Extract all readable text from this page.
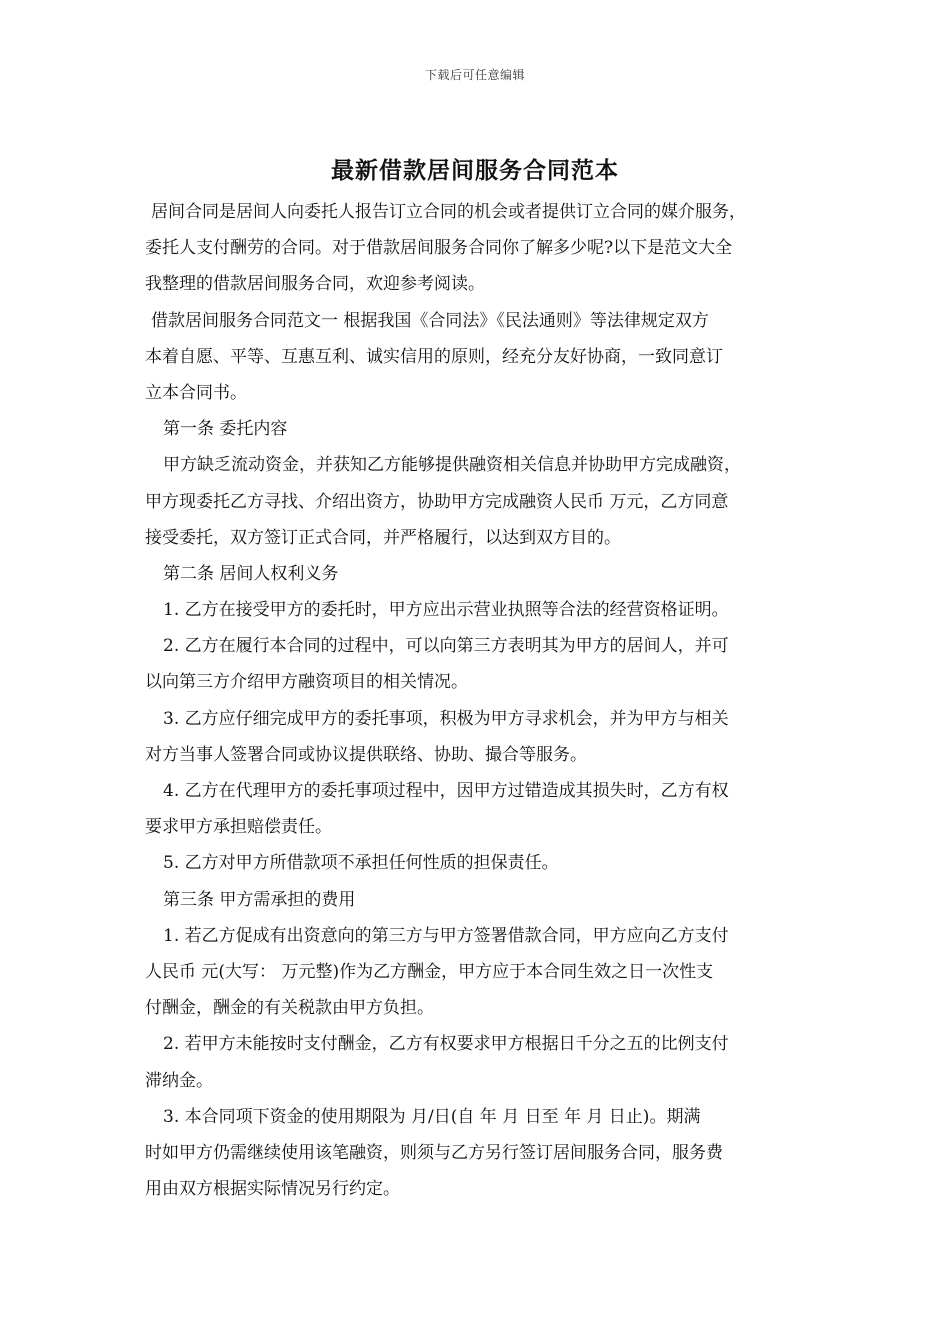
下载后可任意编辑
最新借款居间服务合同范本
居间合同是居间人向委托人报告订立合同的机会或者提供订立合同的媒介服务，
委托人支付酬劳的合同。对于借款居间服务合同你了解多少呢?以下是范文大全
我整理的借款居间服务合同，欢迎参考阅读。
借款居间服务合同范文一 根据我国《合同法》《民法通则》等法律规定双方
本着自愿、平等、互惠互利、诚实信用的原则，经充分友好协商，一致同意订
立本合同书。
第一条 委托内容
甲方缺乏流动资金，并获知乙方能够提供融资相关信息并协助甲方完成融资，
甲方现委托乙方寻找、介绍出资方，协助甲方完成融资人民币 万元，乙方同意
接受委托，双方签订正式合同，并严格履行，以达到双方目的。
第二条 居间人权利义务
1. 乙方在接受甲方的委托时，甲方应出示营业执照等合法的经营资格证明。
2. 乙方在履行本合同的过程中，可以向第三方表明其为甲方的居间人，并可
以向第三方介绍甲方融资项目的相关情况。
3. 乙方应仔细完成甲方的委托事项，积极为甲方寻求机会，并为甲方与相关
对方当事人签署合同或协议提供联络、协助、撮合等服务。
4. 乙方在代理甲方的委托事项过程中，因甲方过错造成其损失时，乙方有权
要求甲方承担赔偿责任。
5. 乙方对甲方所借款项不承担任何性质的担保责任。
第三条 甲方需承担的费用
1. 若乙方促成有出资意向的第三方与甲方签署借款合同，甲方应向乙方支付
人民币 元(大写： 万元整)作为乙方酬金，甲方应于本合同生效之日一次性支
付酬金，酬金的有关税款由甲方负担。
2. 若甲方未能按时支付酬金，乙方有权要求甲方根据日千分之五的比例支付
滞纳金。
3. 本合同项下资金的使用期限为 月/日(自 年 月 日至 年 月 日止)。期满
时如甲方仍需继续使用该笔融资，则须与乙方另行签订居间服务合同，服务费
用由双方根据实际情况另行约定。
